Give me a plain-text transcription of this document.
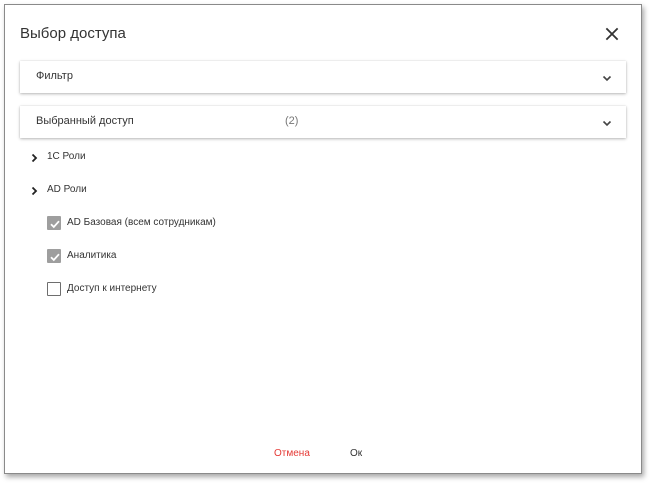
Выбор доступа
Фильтр
Выбранный доступ	(2)
1С Роли
AD Роли
AD Базовая (всем сотрудникам)
Аналитика
Доступ к интернету
Отмена	Ок
